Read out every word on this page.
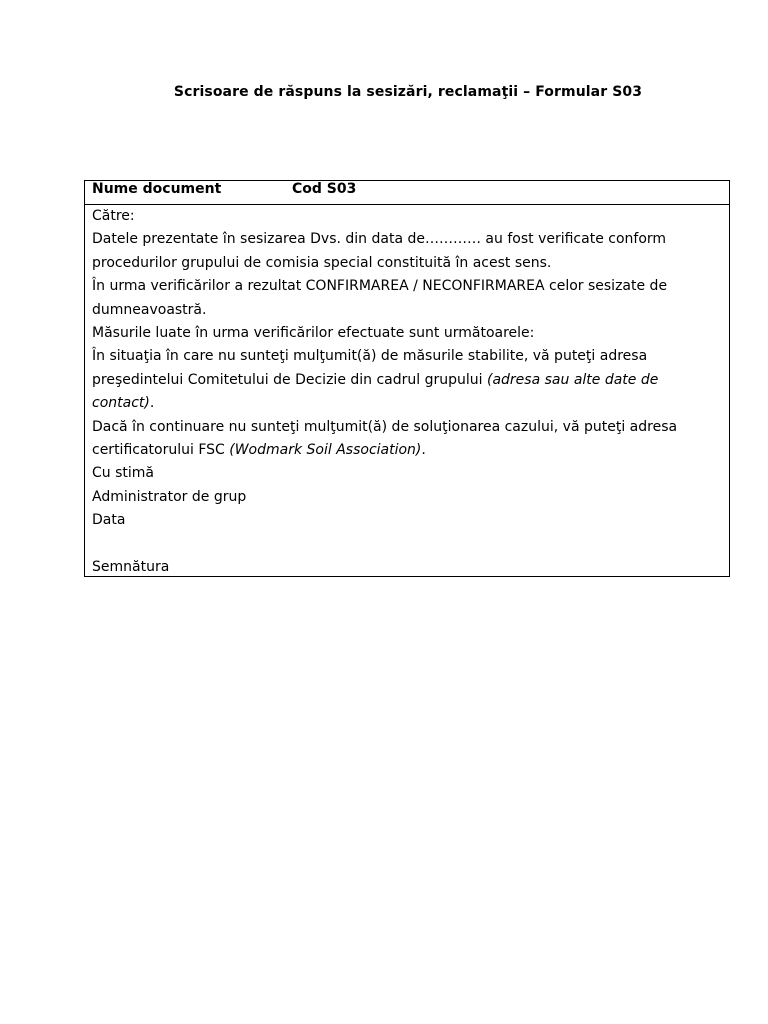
Scrisoare de răspuns la sesizări, reclamaţii – Formular S03
Nume document	Cod S03
Către:
Datele prezentate în sesizarea Dvs. din data de………… au fost verificate conform
procedurilor grupului de comisia special constituită în acest sens.
În urma verificărilor a rezultat CONFIRMAREA / NECONFIRMAREA celor sesizate de
dumneavoastră.
Măsurile luate în urma verificărilor efectuate sunt următoarele:
În situaţia în care nu sunteţi mulţumit(ă) de măsurile stabilite, vă puteţi adresa
preşedintelui Comitetului de Decizie din cadrul grupului (adresa sau alte date de
contact).
Dacă în continuare nu sunteţi mulţumit(ă) de soluţionarea cazului, vă puteţi adresa
certificatorului FSC (Wodmark Soil Association).
Cu stimă
Administrator de grup
Data
Semnătura
